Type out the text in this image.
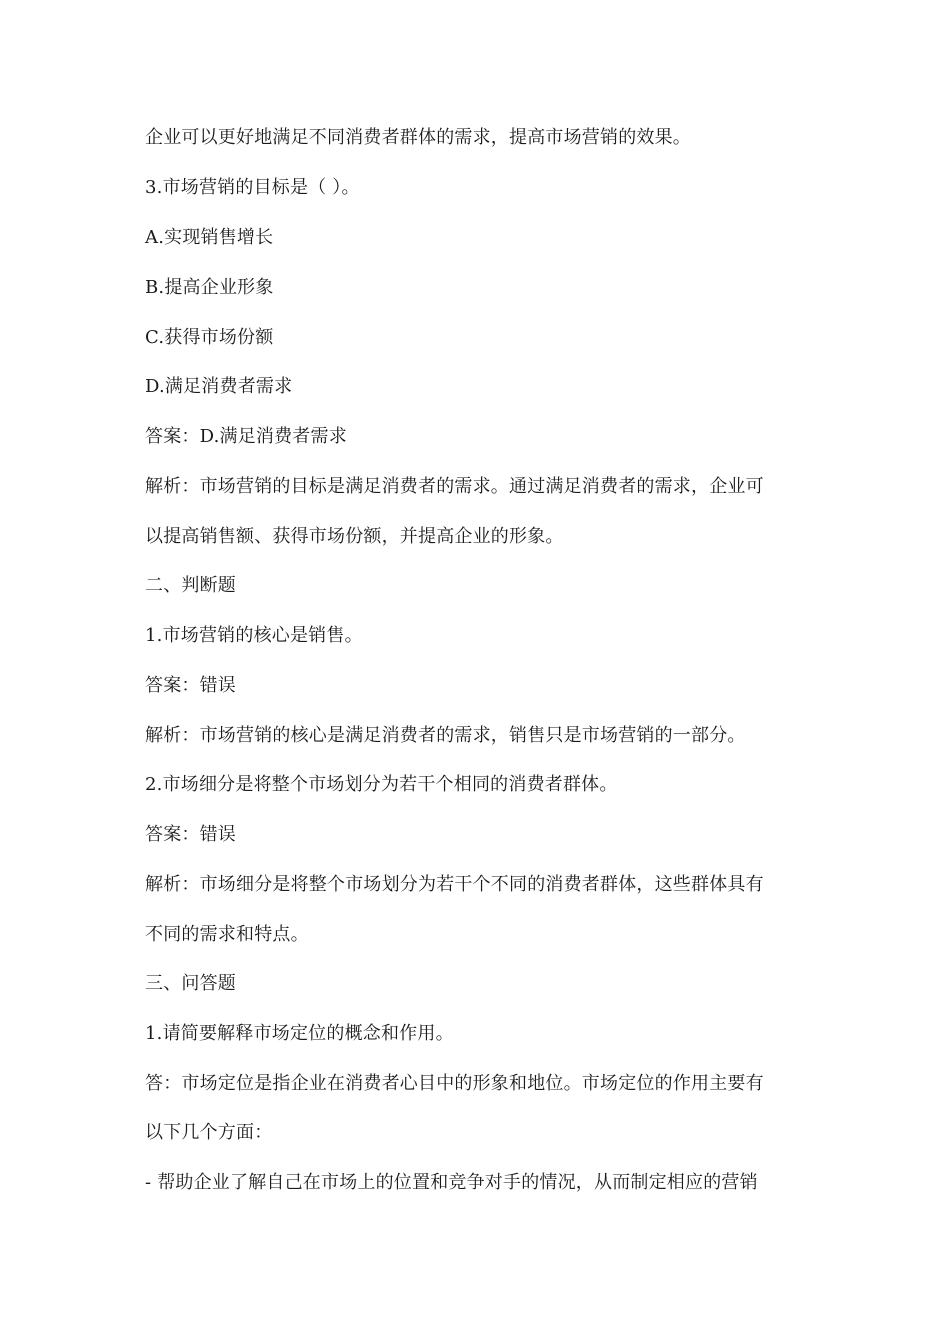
企业可以更好地满足不同消费者群体的需求，提高市场营销的效果。
3.市场营销的目标是（ ）。
A.实现销售增长
B.提高企业形象
C.获得市场份额
D.满足消费者需求
答案：D.满足消费者需求
解析：市场营销的目标是满足消费者的需求。通过满足消费者的需求，企业可
以提高销售额、获得市场份额，并提高企业的形象。
二、判断题
1.市场营销的核心是销售。
答案：错误
解析：市场营销的核心是满足消费者的需求，销售只是市场营销的一部分。
2.市场细分是将整个市场划分为若干个相同的消费者群体。
答案：错误
解析：市场细分是将整个市场划分为若干个不同的消费者群体，这些群体具有
不同的需求和特点。
三、问答题
1.请简要解释市场定位的概念和作用。
答：市场定位是指企业在消费者心目中的形象和地位。市场定位的作用主要有
以下几个方面：
- 帮助企业了解自己在市场上的位置和竞争对手的情况，从而制定相应的营销
